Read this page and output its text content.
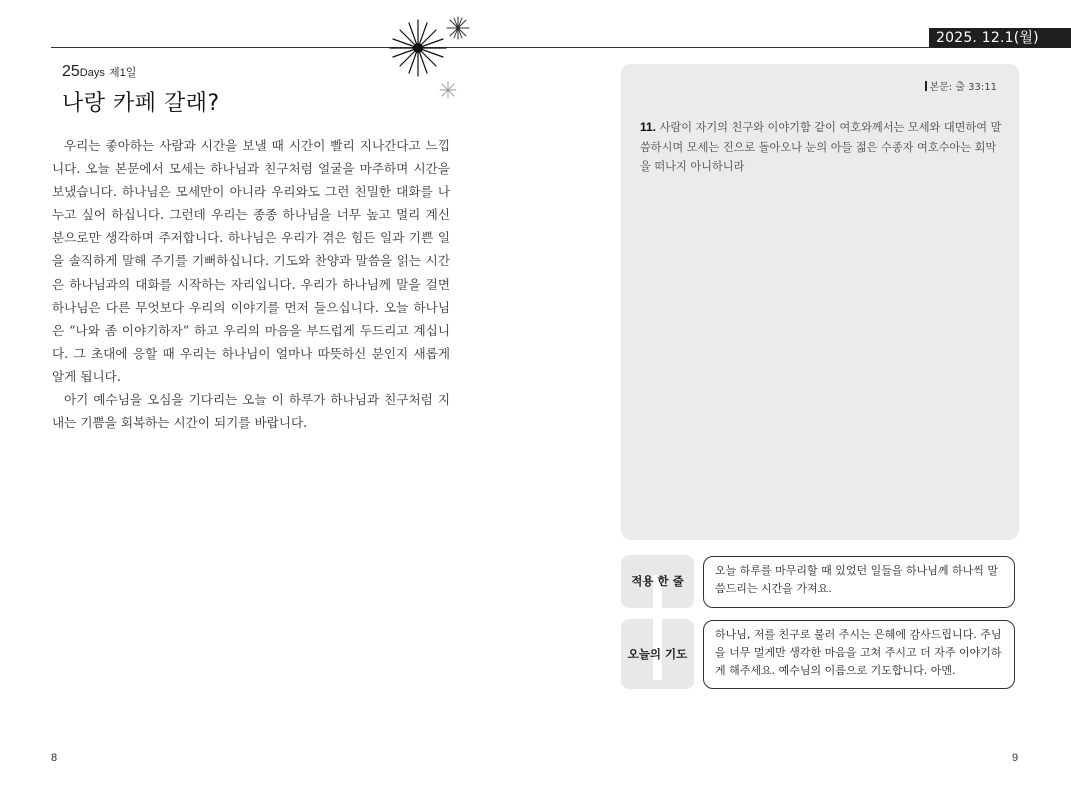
2025. 12.1(월)
25Days 제1일
나랑 카페 갈래?

우리는 좋아하는 사람과 시간을 보낼 때 시간이 빨리 지나간다고 느낍니다. 오늘 본문에서 모세는 하나님과 친구처럼 얼굴을 마주하며 시간을 보냈습니다. 하나님은 모세만이 아니라 우리와도 그런 친밀한 대화를 나누고 싶어 하십니다. 그런데 우리는 종종 하나님을 너무 높고 멀리 계신 분으로만 생각하며 주저합니다. 하나님은 우리가 겪은 힘든 일과 기쁜 일을 솔직하게 말해 주기를 기뻐하십니다. 기도와 찬양과 말씀을 읽는 시간은 하나님과의 대화를 시작하는 자리입니다. 우리가 하나님께 말을 걸면 하나님은 다른 무엇보다 우리의 이야기를 먼저 들으십니다. 오늘 하나님은 “나와 좀 이야기하자” 하고 우리의 마음을 부드럽게 두드리고 계십니다. 그 초대에 응할 때 우리는 하나님이 얼마나 따뜻하신 분인지 새롭게 알게 됩니다.

아기 예수님을 오심을 기다리는 오늘 이 하루가 하나님과 친구처럼 지내는 기쁨을 회복하는 시간이 되기를 바랍니다.

8
본문: 출 33:11
11. 사람이 자기의 친구와 이야기함 같이 여호와께서는 모세와 대면하여 말씀하시며 모세는 진으로 돌아오나 눈의 아들 젊은 수종자 여호수아는 회막을 떠나지 아니하니라
적용 한 줄
오늘의 기도
오늘 하루를 마무리할 때 있었던 일들을 하나님께 하나씩 말씀드리는 시간을 가져요.
하나님, 저를 친구로 불러 주시는 은혜에 감사드립니다. 주님을 너무 멀게만 생각한 마음을 고쳐 주시고 더 자주 이야기하게 해주세요. 예수님의 이름으로 기도합니다. 아멘.
9
